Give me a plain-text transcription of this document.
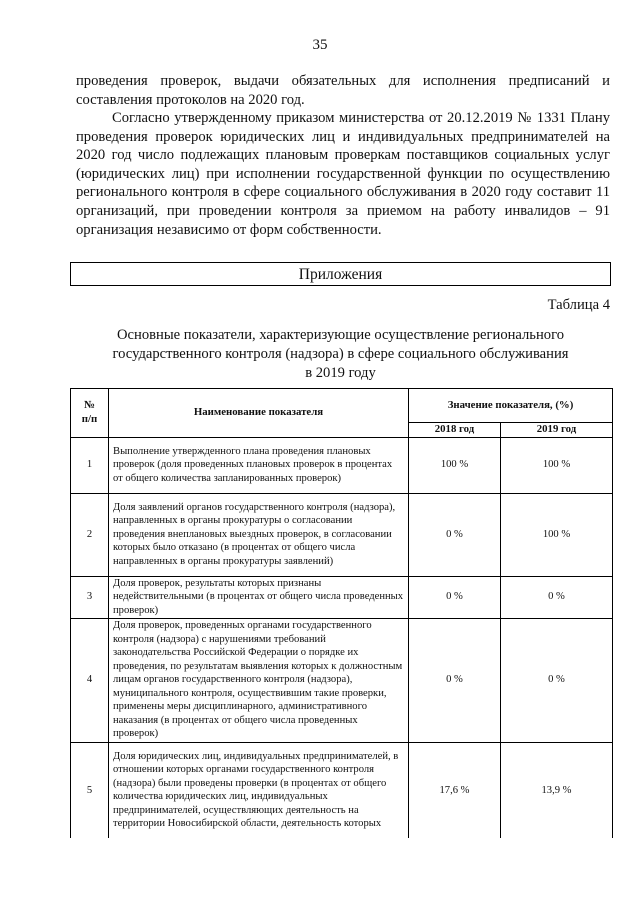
35

проведения проверок, выдачи обязательных для исполнения предписаний и составления протоколов на 2020 год.

Согласно утвержденному приказом министерства от 20.12.2019 № 1331 Плану проведения проверок юридических лиц и индивидуальных предпринимателей на 2020 год число подлежащих плановым проверкам поставщиков социальных услуг (юридических лиц) при исполнении государственной функции по осуществлению регионального контроля в сфере социального обслуживания в 2020 году составит 11 организаций, при проведении контроля за приемом на работу инвалидов – 91 организация независимо от форм собственности.

Приложения
Таблица 4

Основные показатели, характеризующие осуществление регионального
государственного контроля (надзора) в сфере социального обслуживания
в 2019 году

№
п/п	Наименование показателя	Значение показателя, (%)	
		2018 год	2019 год
1	Выполнение утвержденного плана проведения плановых проверок (доля проведенных плановых проверок в процентах от общего количества запланированных проверок)	100 %	100 %
2	Доля заявлений органов государственного контроля (надзора), направленных в органы прокуратуры о согласовании проведения внеплановых выездных проверок, в согласовании которых было отказано (в процентах от общего числа направленных в органы прокуратуры заявлений)	0 %	100 %
3	Доля проверок, результаты которых признаны недействительными (в процентах от общего числа проведенных проверок)	0 %	0 %
4	Доля проверок, проведенных органами государственного контроля (надзора) с нарушениями требований законодательства Российской Федерации о порядке их проведения, по результатам выявления которых к должностным лицам органов государственного контроля (надзора), муниципального контроля, осуществившим такие проверки, применены меры дисциплинарного, административного наказания (в процентах от общего числа проведенных проверок)	0 %	0 %
5	Доля юридических лиц, индивидуальных предпринимателей, в отношении которых органами государственного контроля (надзора) были проведены проверки (в процентах от общего количества юридических лиц, индивидуальных предпринимателей, осуществляющих деятельность на территории Новосибирской области, деятельность которых	17,6 %	13,9 %
